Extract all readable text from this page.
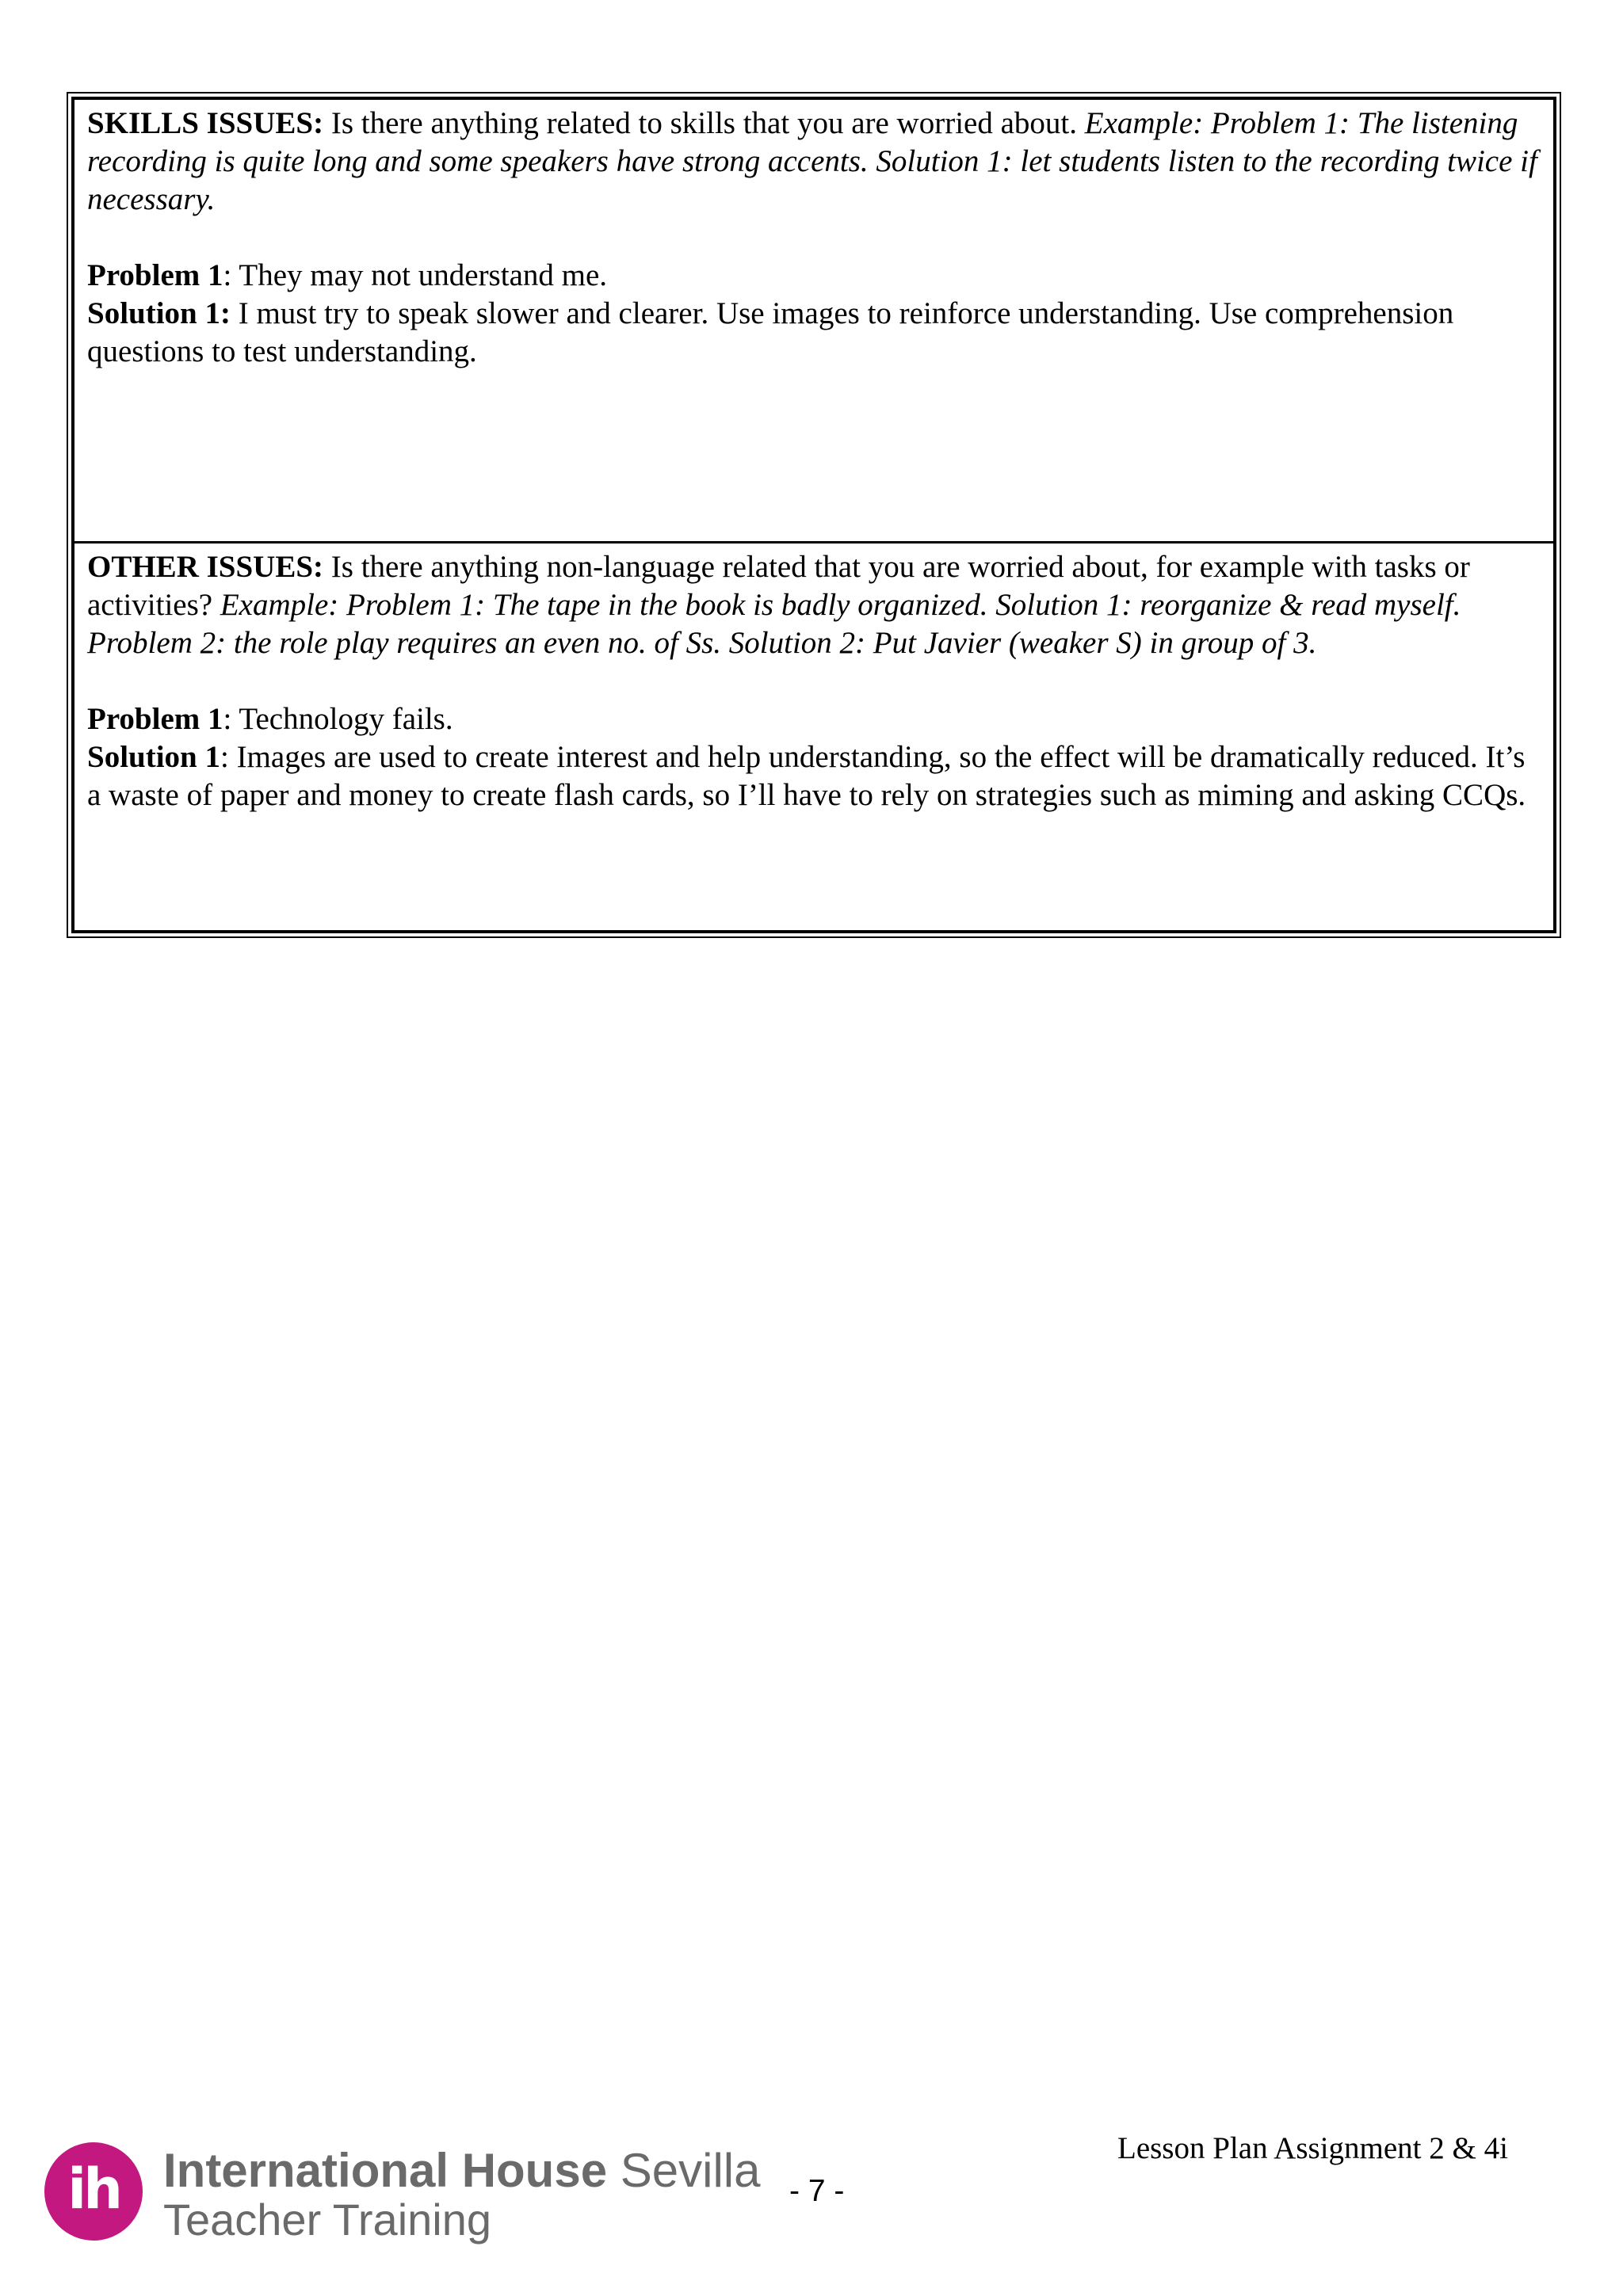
SKILLS ISSUES: Is there anything related to skills that you are worried about. Example: Problem 1: The listening recording is quite long and some speakers have strong accents. Solution 1: let students listen to the recording twice if necessary.

Problem 1: They may not understand me.

Solution 1: I must try to speak slower and clearer. Use images to reinforce understanding. Use comprehension questions to test understanding.

OTHER ISSUES: Is there anything non-language related that you are worried about, for example with tasks or activities? Example: Problem 1: The tape in the book is badly organized. Solution 1: reorganize & read myself. Problem 2: the role play requires an even no. of Ss. Solution 2: Put Javier (weaker S) in group of 3.

Problem 1: Technology fails.

Solution 1: Images are used to create interest and help understanding, so the effect will be dramatically reduced. It’s a waste of paper and money to create flash cards, so I’ll have to rely on strategies such as miming and asking CCQs.

Lesson Plan Assignment 2 & 4i
ih International House Sevilla
Teacher Training
- 7 -
